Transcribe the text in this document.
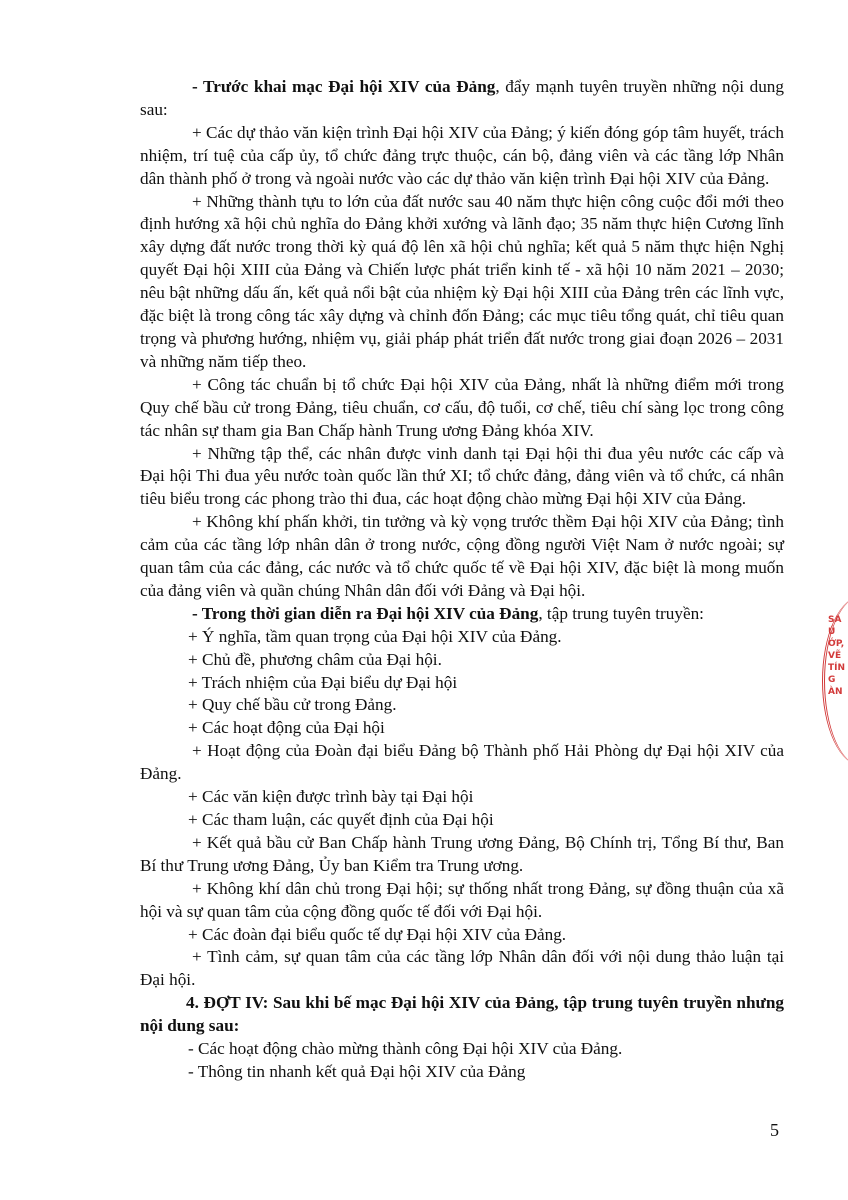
- Trước khai mạc Đại hội XIV của Đảng, đẩy mạnh tuyên truyền những nội dung sau:

+ Các dự thảo văn kiện trình Đại hội XIV của Đảng; ý kiến đóng góp tâm huyết, trách nhiệm, trí tuệ của cấp ủy, tổ chức đảng trực thuộc, cán bộ, đảng viên và các tầng lớp Nhân dân thành phố ở trong và ngoài nước vào các dự thảo văn kiện trình Đại hội XIV của Đảng.

+ Những thành tựu to lớn của đất nước sau 40 năm thực hiện công cuộc đổi mới theo định hướng xã hội chủ nghĩa do Đảng khởi xướng và lãnh đạo; 35 năm thực hiện Cương lĩnh xây dựng đất nước trong thời kỳ quá độ lên xã hội chủ nghĩa; kết quả 5 năm thực hiện Nghị quyết Đại hội XIII của Đảng và Chiến lược phát triển kinh tế - xã hội 10 năm 2021 – 2030; nêu bật những dấu ấn, kết quả nổi bật của nhiệm kỳ Đại hội XIII của Đảng trên các lĩnh vực, đặc biệt là trong công tác xây dựng và chỉnh đốn Đảng; các mục tiêu tổng quát, chỉ tiêu quan trọng và phương hướng, nhiệm vụ, giải pháp phát triển đất nước trong giai đoạn 2026 – 2031 và những năm tiếp theo.

+ Công tác chuẩn bị tổ chức Đại hội XIV của Đảng, nhất là những điểm mới trong Quy chế bầu cử trong Đảng, tiêu chuẩn, cơ cấu, độ tuổi, cơ chế, tiêu chí sàng lọc trong công tác nhân sự tham gia Ban Chấp hành Trung ương Đảng khóa XIV.

+ Những tập thể, các nhân được vinh danh tại Đại hội thi đua yêu nước các cấp và Đại hội Thi đua yêu nước toàn quốc lần thứ XI; tổ chức đảng, đảng viên và tổ chức, cá nhân tiêu biểu trong các phong trào thi đua, các hoạt động chào mừng Đại hội XIV của Đảng.

+ Không khí phấn khởi, tin tưởng và kỳ vọng trước thềm Đại hội XIV của Đảng; tình cảm của các tầng lớp nhân dân ở trong nước, cộng đồng người Việt Nam ở nước ngoài; sự quan tâm của các đảng, các nước và tổ chức quốc tế về Đại hội XIV, đặc biệt là mong muốn của đảng viên và quần chúng Nhân dân đối với Đảng và Đại hội.

- Trong thời gian diễn ra Đại hội XIV của Đảng, tập trung tuyên truyền:

+ Ý nghĩa, tầm quan trọng của Đại hội XIV của Đảng.

+ Chủ đề, phương châm của Đại hội.

+ Trách nhiệm của Đại biểu dự Đại hội

+ Quy chế bầu cử trong Đảng.

+ Các hoạt động của Đại hội

+ Hoạt động của Đoàn đại biểu Đảng bộ Thành phố Hải Phòng dự Đại hội XIV của Đảng.

+ Các văn kiện được trình bày tại Đại hội

+ Các tham luận, các quyết định của Đại hội

+ Kết quả bầu cử Ban Chấp hành Trung ương Đảng, Bộ Chính trị, Tổng Bí thư, Ban Bí thư Trung ương Đảng, Ủy ban Kiểm tra Trung ương.

+ Không khí dân chủ trong Đại hội; sự thống nhất trong Đảng, sự đồng thuận của xã hội và sự quan tâm của cộng đồng quốc tế đối với Đại hội.

+ Các đoàn đại biểu quốc tế dự Đại hội XIV của Đảng.

+ Tình cảm, sự quan tâm của các tầng lớp Nhân dân đối với nội dung thảo luận tại Đại hội.

4. ĐỢT IV: Sau khi bế mạc Đại hội XIV của Đảng, tập trung tuyên truyền nhưng nội dung sau:

- Các hoạt động chào mừng thành công Đại hội XIV của Đảng.

- Thông tin nhanh kết quả Đại hội XIV của Đảng

5
SA
Ú
ỚP,
VẼ
TÍN
G
ÀN
